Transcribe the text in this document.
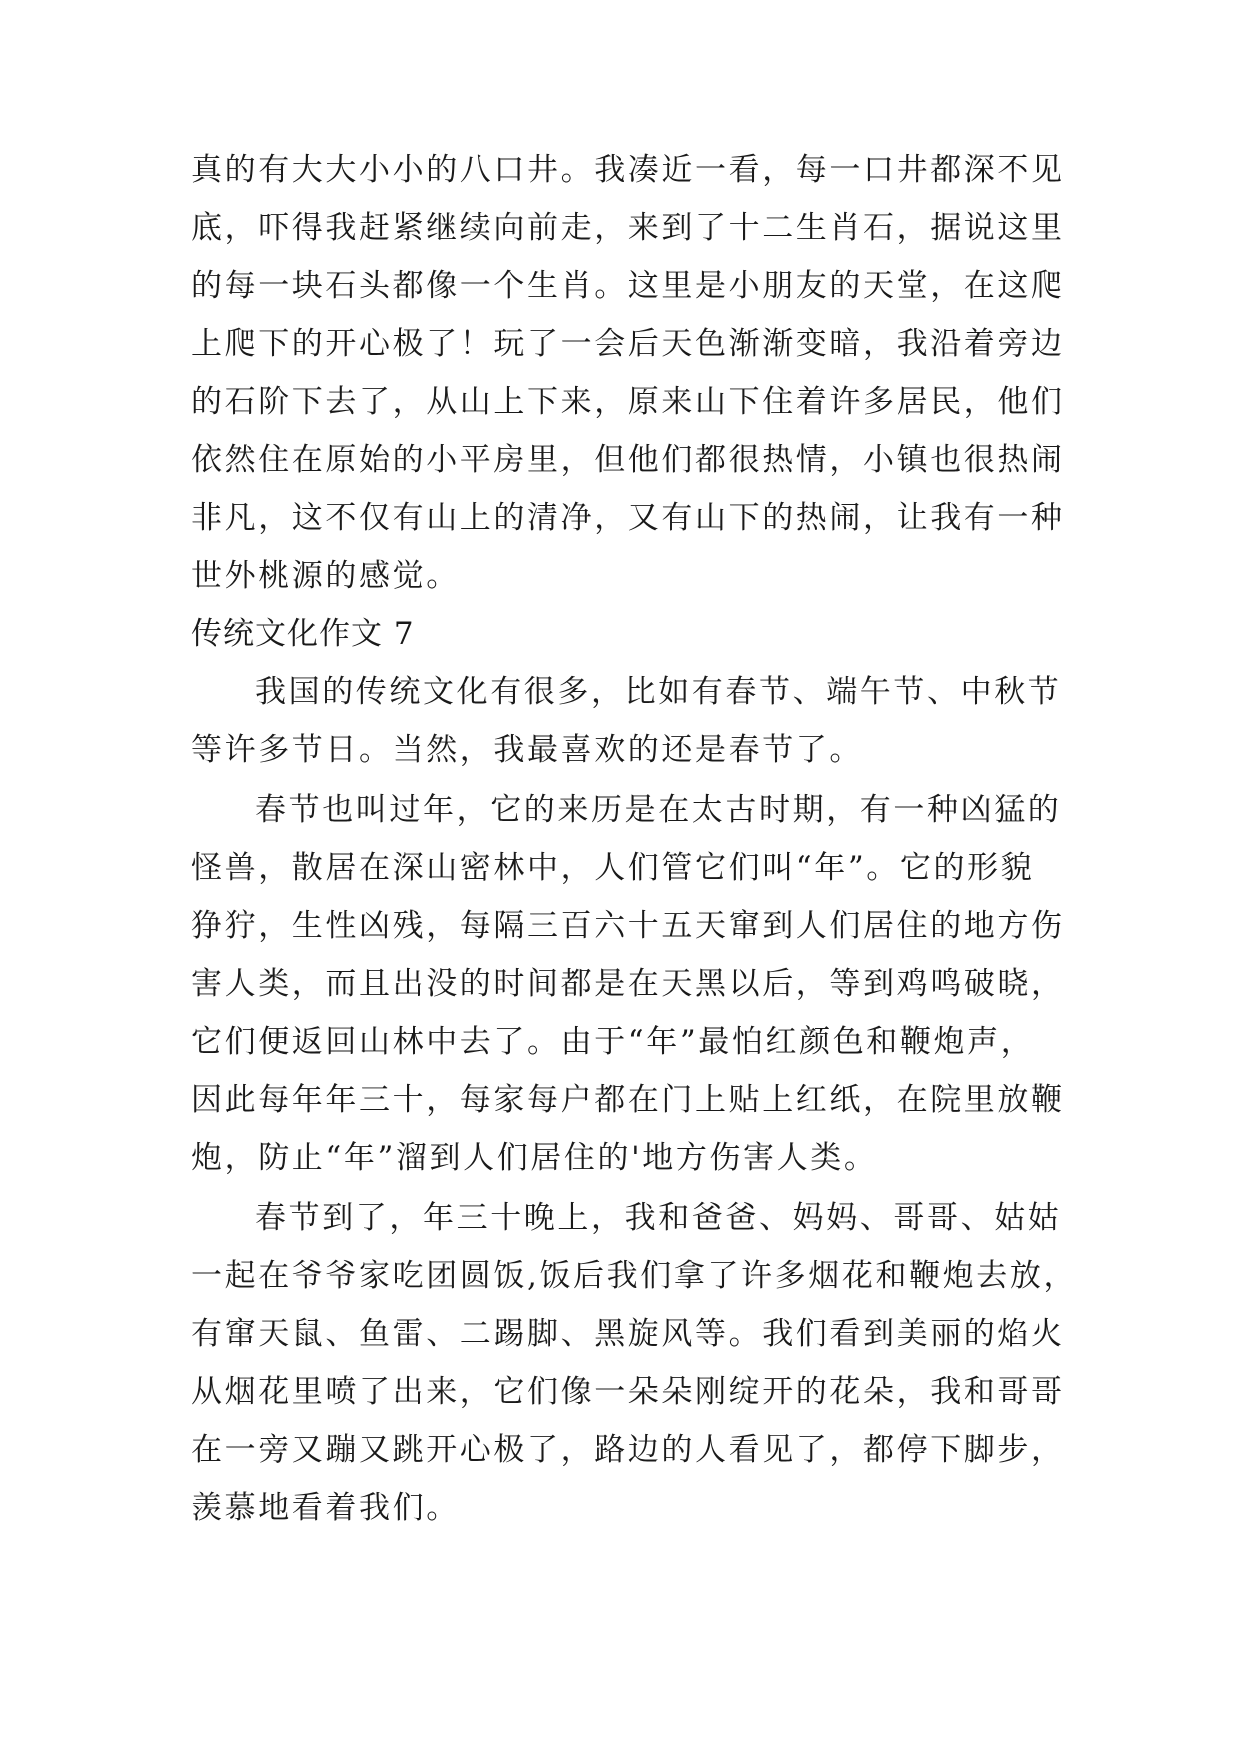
真的有大大小小的八口井。我凑近一看，每一口井都深不见
底，吓得我赶紧继续向前走，来到了十二生肖石，据说这里
的每一块石头都像一个生肖。这里是小朋友的天堂，在这爬
上爬下的开心极了！玩了一会后天色渐渐变暗，我沿着旁边
的石阶下去了，从山上下来，原来山下住着许多居民，他们
依然住在原始的小平房里，但他们都很热情，小镇也很热闹
非凡，这不仅有山上的清净，又有山下的热闹，让我有一种
世外桃源的感觉。
传统文化作文 7
我国的传统文化有很多，比如有春节、端午节、中秋节
等许多节日。当然，我最喜欢的还是春节了。
春节也叫过年，它的来历是在太古时期，有一种凶猛的
怪兽，散居在深山密林中，人们管它们叫“年”。它的形貌
狰狞，生性凶残，每隔三百六十五天窜到人们居住的地方伤
害人类，而且出没的时间都是在天黑以后，等到鸡鸣破晓，
它们便返回山林中去了。由于“年”最怕红颜色和鞭炮声，
因此每年年三十，每家每户都在门上贴上红纸，在院里放鞭
炮，防止“年”溜到人们居住的'地方伤害人类。
春节到了，年三十晚上，我和爸爸、妈妈、哥哥、姑姑
一起在爷爷家吃团圆饭,饭后我们拿了许多烟花和鞭炮去放，
有窜天鼠、鱼雷、二踢脚、黑旋风等。我们看到美丽的焰火
从烟花里喷了出来，它们像一朵朵刚绽开的花朵，我和哥哥
在一旁又蹦又跳开心极了，路边的人看见了，都停下脚步，
羡慕地看着我们。
